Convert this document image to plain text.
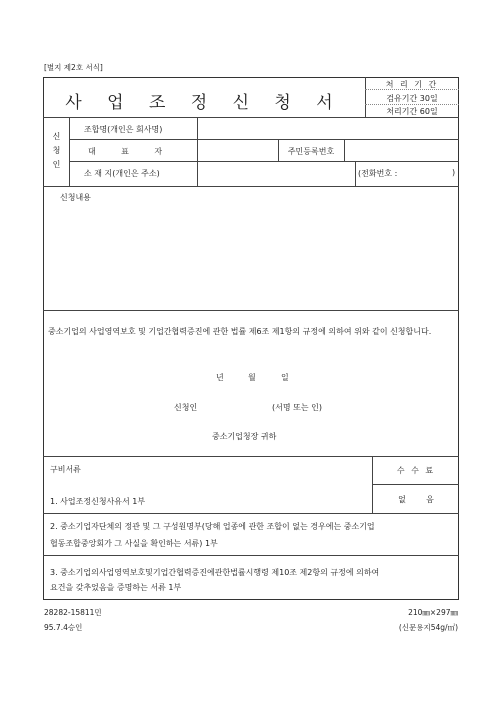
[별지 제2호 서식]
사 업 조 정 신 청 서
처 리 기 간
검유기간 30일
처리기간 60일
신
청
인
조합명(개인은 회사명)
대          표          자	주민등록번호
소 재 지(개인은 주소)	(전화번호 :	)
신청내용
중소기업의 사업영역보호 및 기업간협력증진에 관한 법률 제6조 제1항의 규정에 의하여 위와 같이 신청합니다.
년	월	일
신청인	(서명 또는 인)
중소기업청장 귀하
구비서류	수 수 료
없        음
1. 사업조정신청사유서 1부
2. 중소기업자단체의 정관 및 그 구성원명부(당해 업종에 관한 조합이 없는 경우에는 중소기업
협동조합중앙회가 그 사실을 확인하는 서류) 1부
3. 중소기업의사업영역보호및기업간협력증진에관한법률시행령 제10조 제2항의 규정에 의하여
요건을 갖추었음을 증명하는 서류 1부
28282-15811민
95.7.4승인
210㎜×297㎜
(신문용지54g/㎡)
